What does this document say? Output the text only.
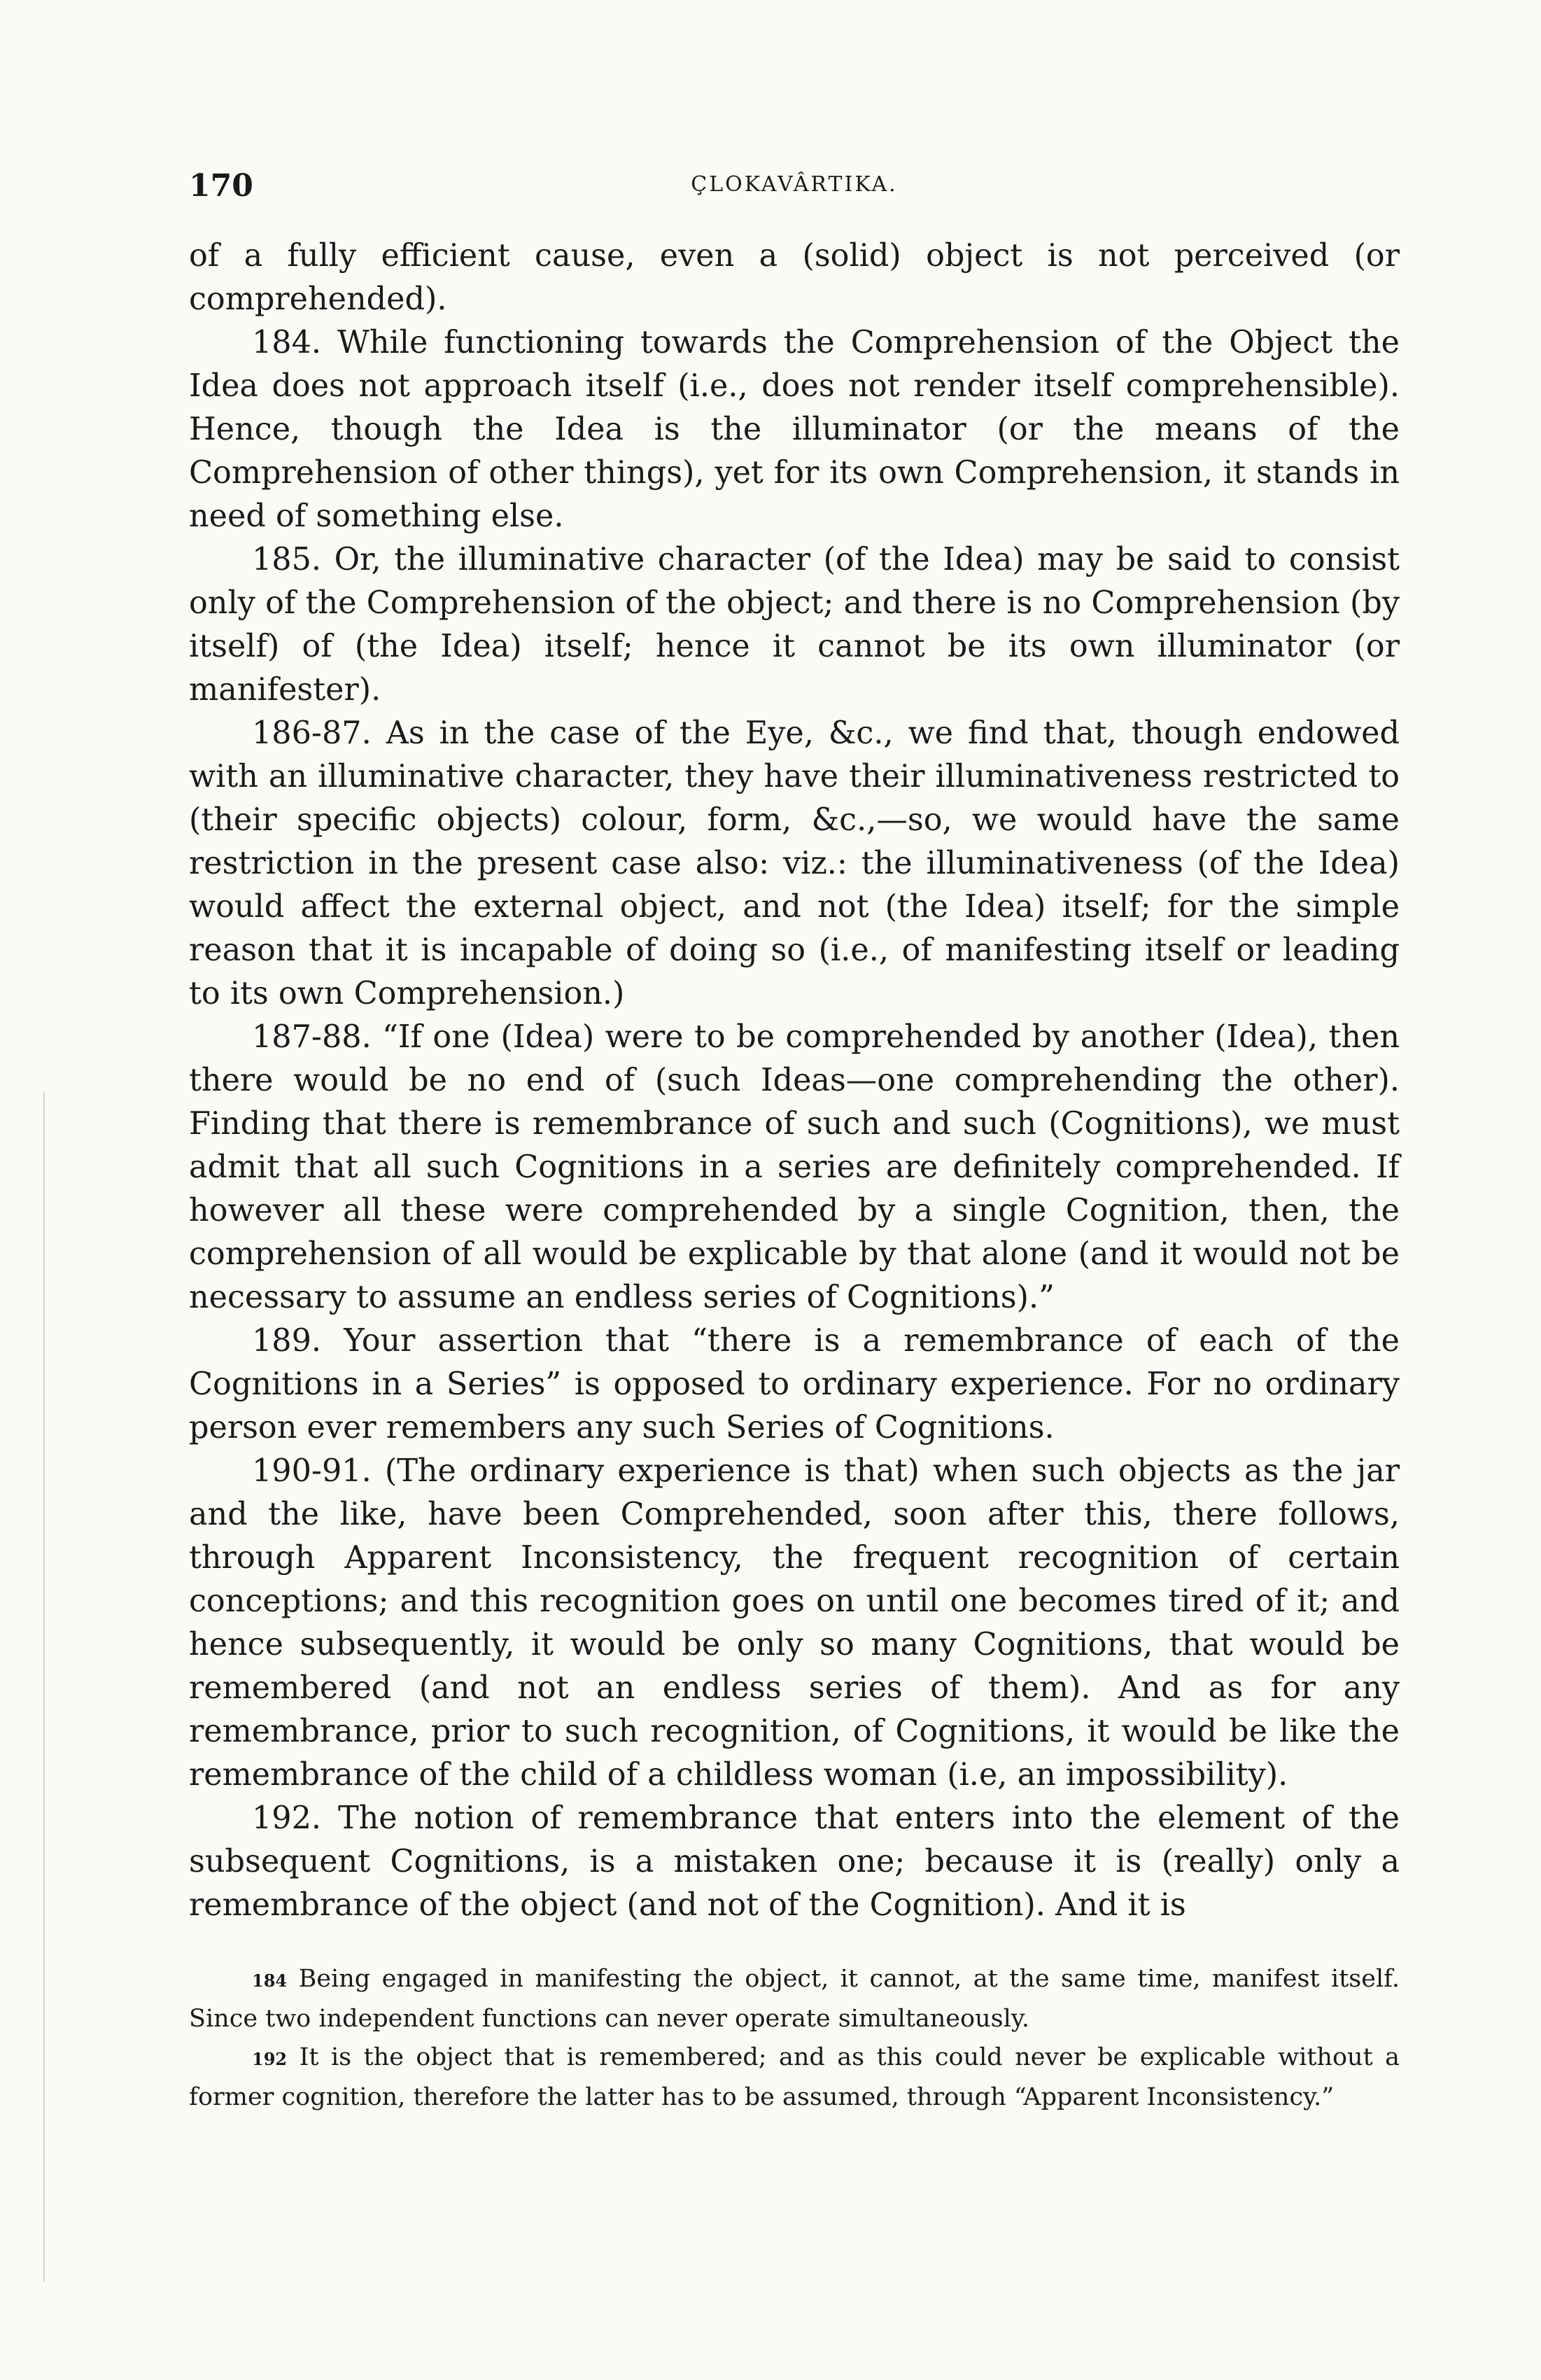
170	ÇLOKAVÂRTIKA.

of a fully efficient cause, even a (solid) object is not perceived (or comprehended).

184. While functioning towards the Comprehension of the Object the Idea does not approach itself (i.e., does not render itself comprehensible). Hence, though the Idea is the illuminator (or the means of the Comprehension of other things), yet for its own Comprehension, it stands in need of something else.

185. Or, the illuminative character (of the Idea) may be said to consist only of the Comprehension of the object; and there is no Comprehension (by itself) of (the Idea) itself; hence it cannot be its own illuminator (or manifester).

186-87. As in the case of the Eye, &c., we find that, though endowed with an illuminative character, they have their illuminativeness restricted to (their specific objects) colour, form, &c.,—so, we would have the same restriction in the present case also: viz.: the illuminativeness (of the Idea) would affect the external object, and not (the Idea) itself; for the simple reason that it is incapable of doing so (i.e., of manifesting itself or leading to its own Comprehension.)

187-88. “If one (Idea) were to be comprehended by another (Idea), then there would be no end of (such Ideas—one comprehending the other). Finding that there is remembrance of such and such (Cognitions), we must admit that all such Cognitions in a series are definitely comprehended. If however all these were comprehended by a single Cognition, then, the comprehension of all would be explicable by that alone (and it would not be necessary to assume an endless series of Cognitions).”

189. Your assertion that “there is a remembrance of each of the Cognitions in a Series” is opposed to ordinary experience. For no ordinary person ever remembers any such Series of Cognitions.

190-91. (The ordinary experience is that) when such objects as the jar and the like, have been Comprehended, soon after this, there follows, through Apparent Inconsistency, the frequent recognition of certain conceptions; and this recognition goes on until one becomes tired of it; and hence subsequently, it would be only so many Cognitions, that would be remembered (and not an endless series of them). And as for any remembrance, prior to such recognition, of Cognitions, it would be like the remembrance of the child of a childless woman (i.e, an impossibility).

192. The notion of remembrance that enters into the element of the subsequent Cognitions, is a mistaken one; because it is (really) only a remembrance of the object (and not of the Cognition). And it is

184 Being engaged in manifesting the object, it cannot, at the same time, manifest itself. Since two independent functions can never operate simultaneously.

192 It is the object that is remembered; and as this could never be explicable without a former cognition, therefore the latter has to be assumed, through “Apparent Inconsistency.”
